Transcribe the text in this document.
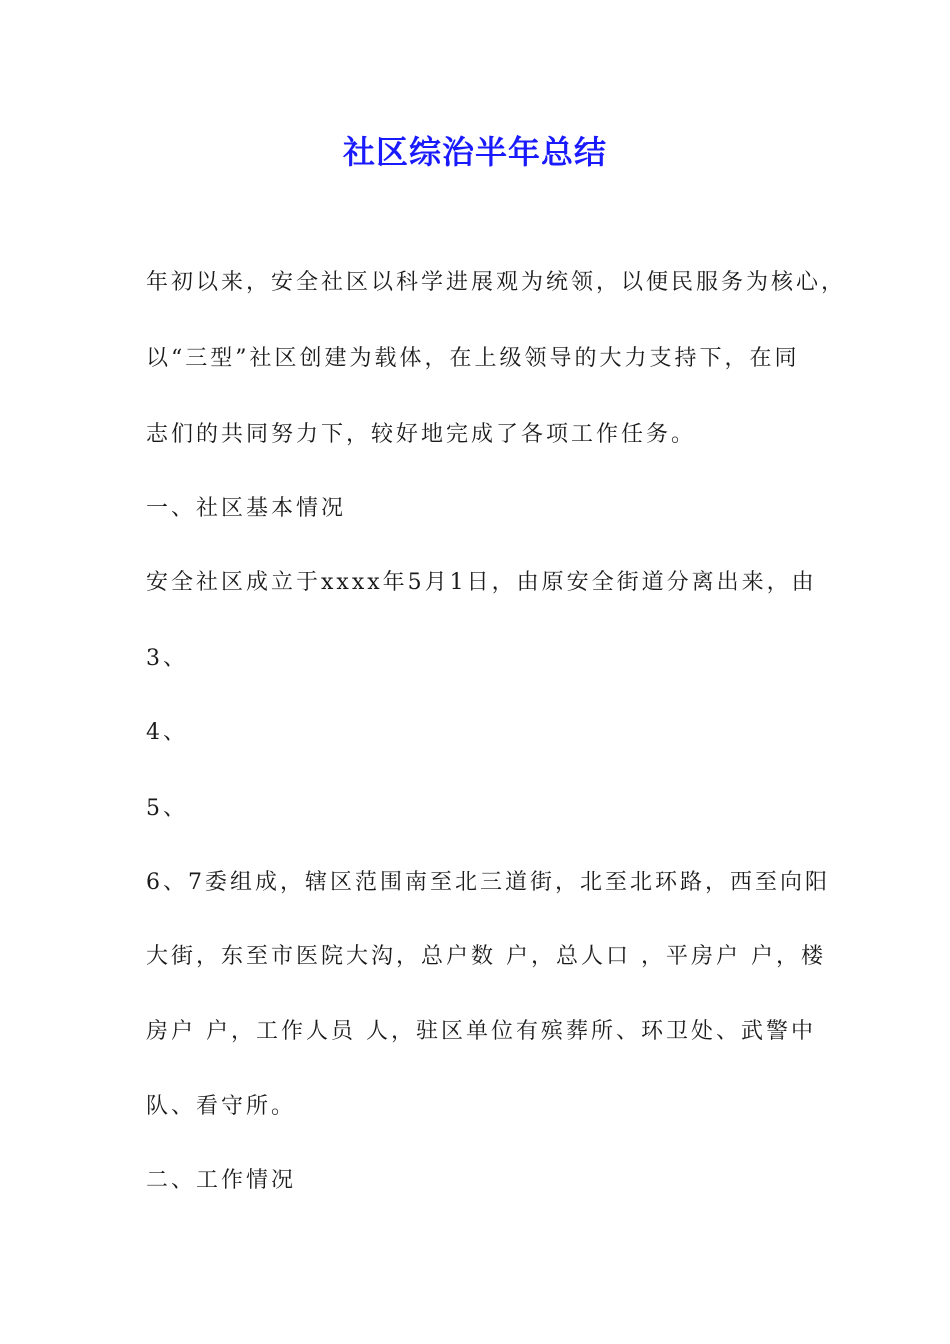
社区综治半年总结
年初以来，安全社区以科学进展观为统领，以便民服务为核心，
以“三型”社区创建为载体，在上级领导的大力支持下，在同
志们的共同努力下，较好地完成了各项工作任务。
一、社区基本情况
安全社区成立于xxxx年5月1日，由原安全街道分离出来，由
3、
4、
5、
6、7委组成，辖区范围南至北三道街，北至北环路，西至向阳
大街，东至市医院大沟，总户数 户，总人口 ，平房户 户，楼
房户 户，工作人员 人，驻区单位有殡葬所、环卫处、武警中
队、看守所。
二、工作情况
